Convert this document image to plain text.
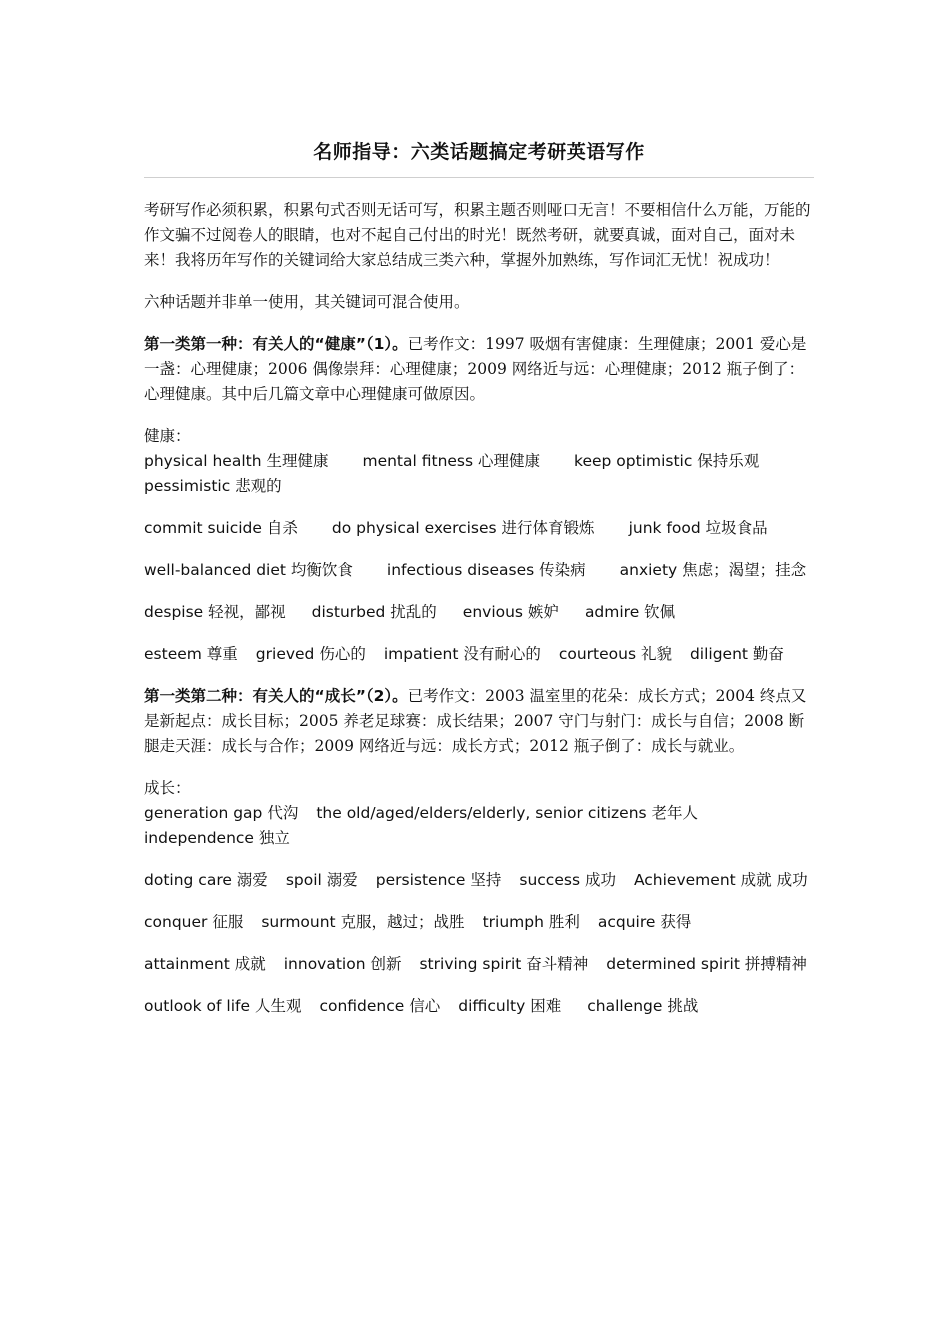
名师指导：六类话题搞定考研英语写作

考研写作必须积累，积累句式否则无话可写，积累主题否则哑口无言！不要相信什么万能，万能的作文骗不过阅卷人的眼睛，也对不起自己付出的时光！既然考研，就要真诚，面对自己，面对未来！我将历年写作的关键词给大家总结成三类六种，掌握外加熟练，写作词汇无忧！祝成功！

六种话题并非单一使用，其关键词可混合使用。

第一类第一种：有关人的“健康”（1）。已考作文：1997 吸烟有害健康：生理健康；2001 爱心是一盏：心理健康；2006 偶像崇拜：心理健康；2009 网络近与远：心理健康；2012 瓶子倒了：心理健康。其中后几篇文章中心理健康可做原因。

健康：

physical health 生理健康 mental fitness 心理健康 keep optimistic 保持乐观pessimistic 悲观的

commit suicide 自杀 do physical exercises 进行体育锻炼 junk food 垃圾食品

well-balanced diet 均衡饮食 infectious diseases 传染病 anxiety 焦虑；渴望；挂念

despise 轻视，鄙视 disturbed 扰乱的 envious 嫉妒 admire 钦佩

esteem 尊重 grieved 伤心的 impatient 没有耐心的 courteous 礼貌 diligent 勤奋

第一类第二种：有关人的“成长”（2）。已考作文：2003 温室里的花朵：成长方式；2004 终点又是新起点：成长目标；2005 养老足球赛：成长结果；2007 守门与射门：成长与自信；2008 断腿走天涯：成长与合作；2009 网络近与远：成长方式；2012 瓶子倒了：成长与就业。

成长：

generation gap 代沟 the old/aged/elders/elderly, senior citizens 老年人independence 独立

doting care 溺爱 spoil 溺爱 persistence 坚持 success 成功 Achievement 成就 成功

conquer 征服 surmount 克服，越过；战胜 triumph 胜利 acquire 获得

attainment 成就 innovation 创新 striving spirit 奋斗精神 determined spirit 拼搏精神

outlook of life 人生观 confidence 信心 difficulty 困难 challenge 挑战
